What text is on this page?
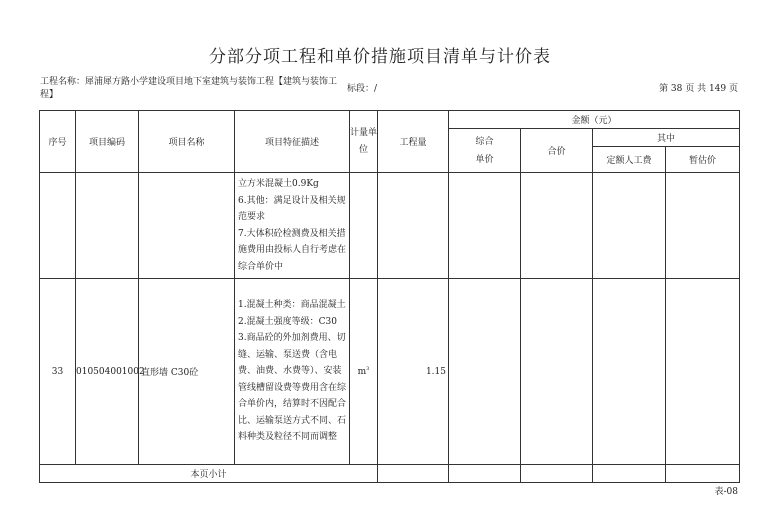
分部分项工程和单价措施项目清单与计价表
工程名称：犀浦犀方路小学建设项目地下室建筑与装饰工程【建筑与装饰工程】
标段：/	第 38 页 共 149 页
序号	项目编码	项目名称	项目特征描述	计量单位	工程量	金额（元）			
						综合单价	合价	其中	
								定额人工费	暂估价
			立方米混凝土0.9Kg
6.其他：满足设计及相关规范要求
7.大体积砼检测费及相关措施费用由投标人自行考虑在综合单价中						
33	010504001002	直形墙 C30砼	1.混凝土种类：商品混凝土
2.混凝土强度等级：C30
3.商品砼的外加剂费用、切缝、运输、泵送费（含电费、油费、水费等）、安装管线槽留设费等费用含在综合单价内，结算时不因配合比、运输泵送方式不同、石料种类及粒径不同而调整	$m^3$	1.15				
本页小计									
表-08
